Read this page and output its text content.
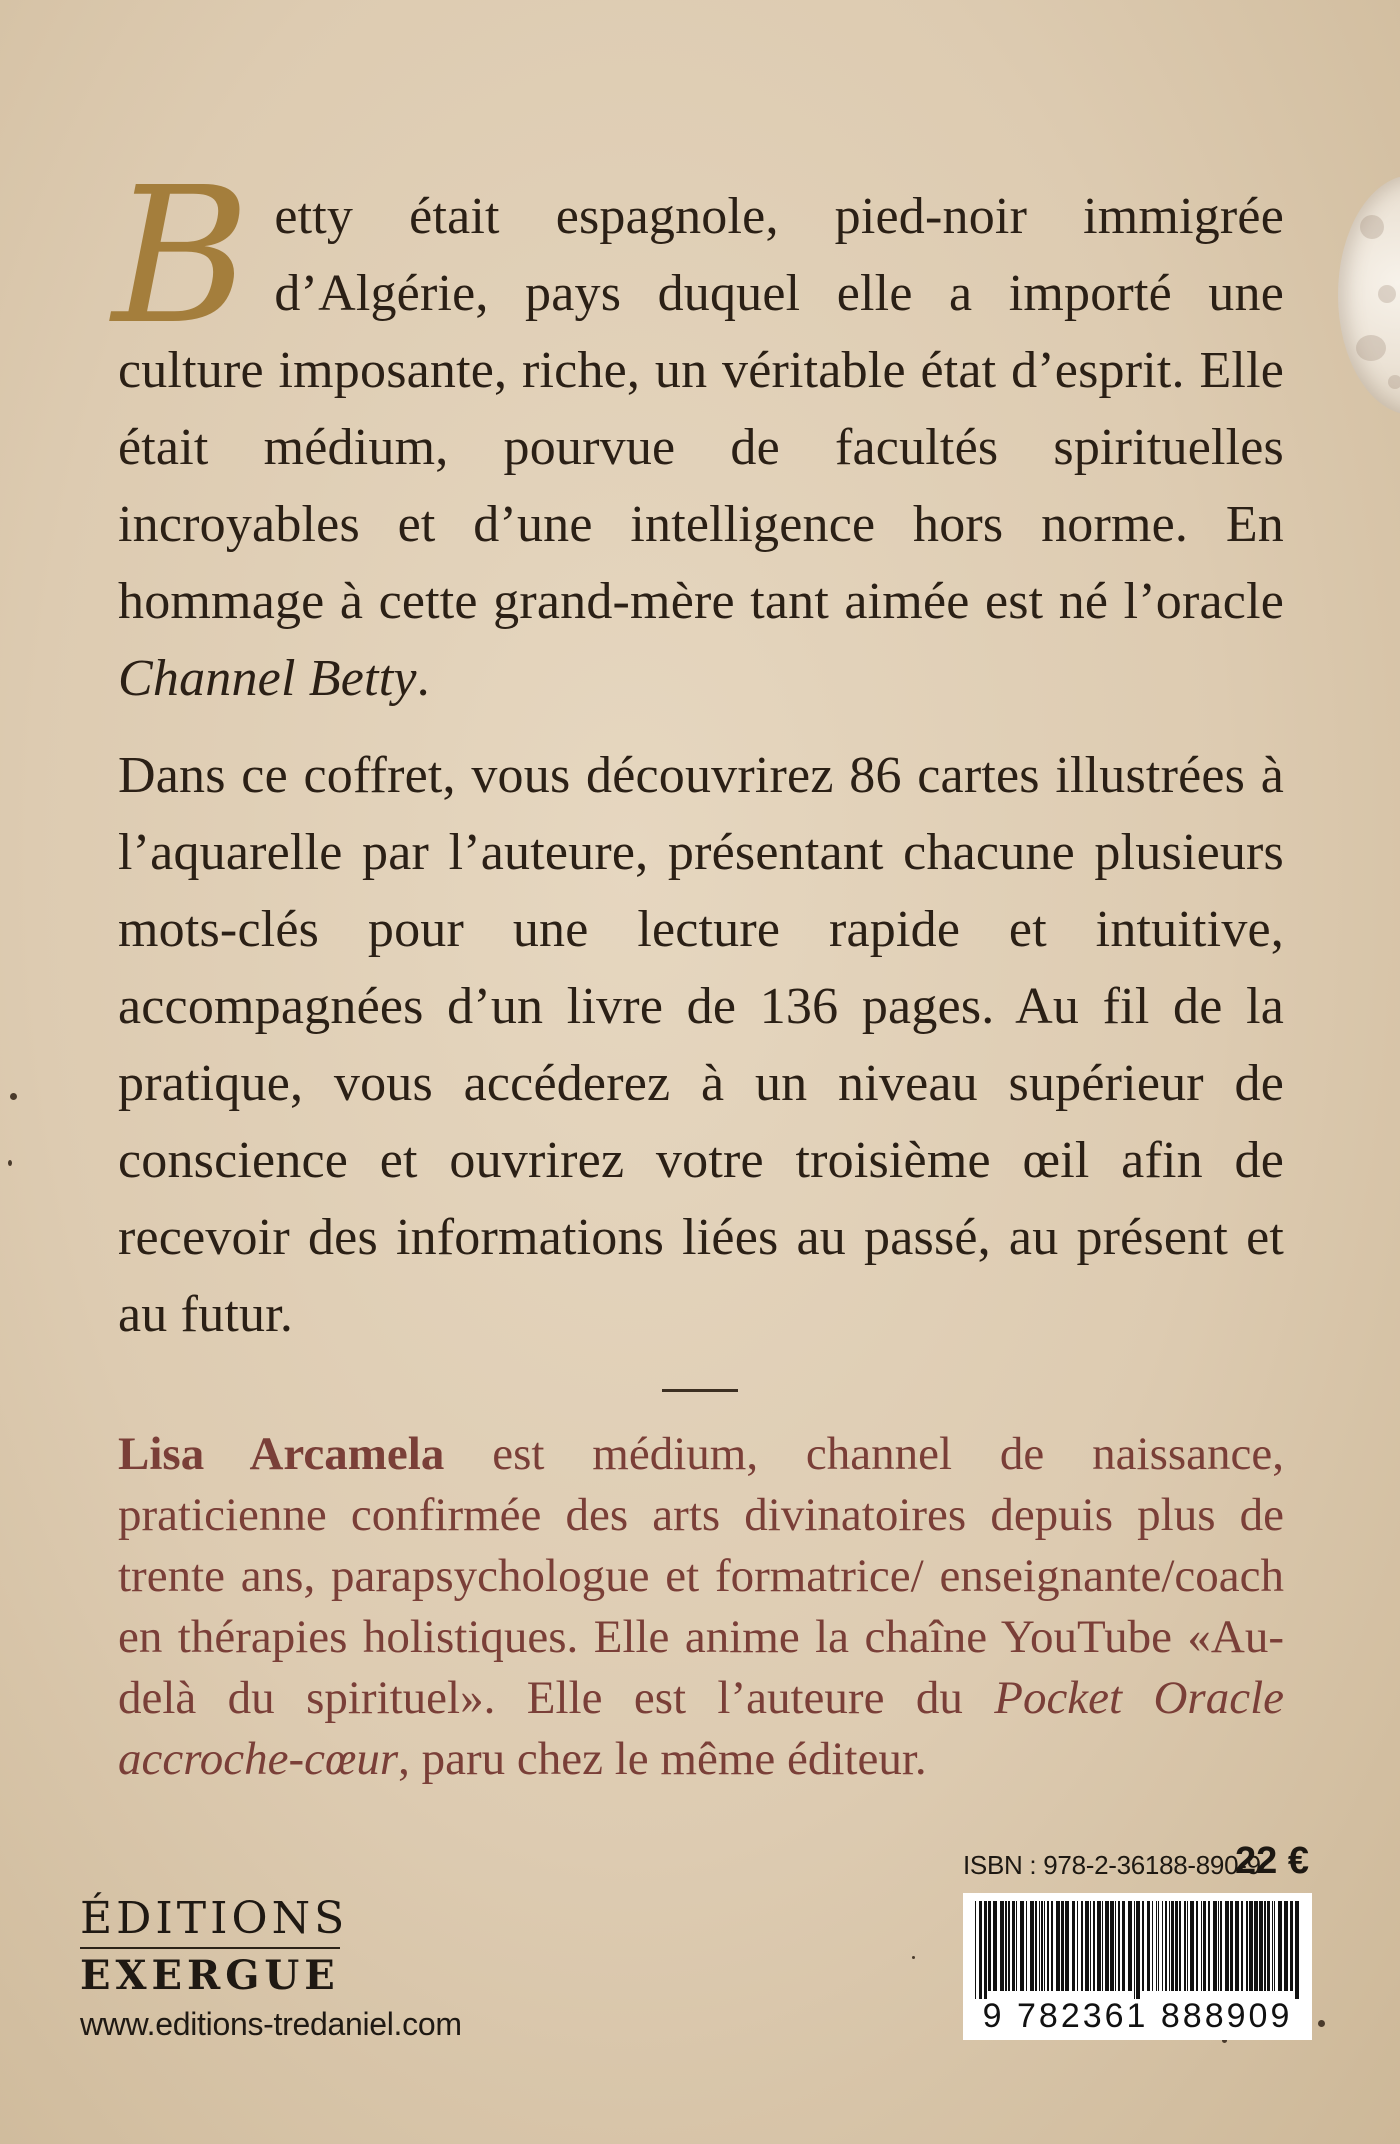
Betty était espagnole, pied-noir immigrée d’Algérie, pays duquel elle a importé une culture imposante, riche, un véritable état d’esprit. Elle était médium, pourvue de facultés spirituelles incroyables et d’une intelligence hors norme. En hommage à cette grand-mère tant aimée est né l’oracle Channel Betty.

Dans ce coffret, vous découvrirez 86 cartes illustrées à l’aquarelle par l’auteure, présentant chacune plusieurs mots-clés pour une lecture rapide et intuitive, accompagnées d’un livre de 136 pages. Au fil de la pratique, vous accéderez à un niveau supérieur de conscience et ouvrirez votre troisième œil afin de recevoir des informations liées au passé, au présent et au futur.

Lisa Arcamela est médium, channel de naissance, praticienne confirmée des arts divinatoires depuis plus de trente ans, parapsychologue et formatrice/ enseignante/coach en thérapies holistiques. Elle anime la chaîne YouTube «Au-delà du spirituel». Elle est l’auteure du Pocket Oracle accroche-cœur, paru chez le même éditeur.

ISBN : 978-2-36188-890-9
22 €
9 782361 888909
ÉDITIONS
EXERGUE
www.editions-tredaniel.com
